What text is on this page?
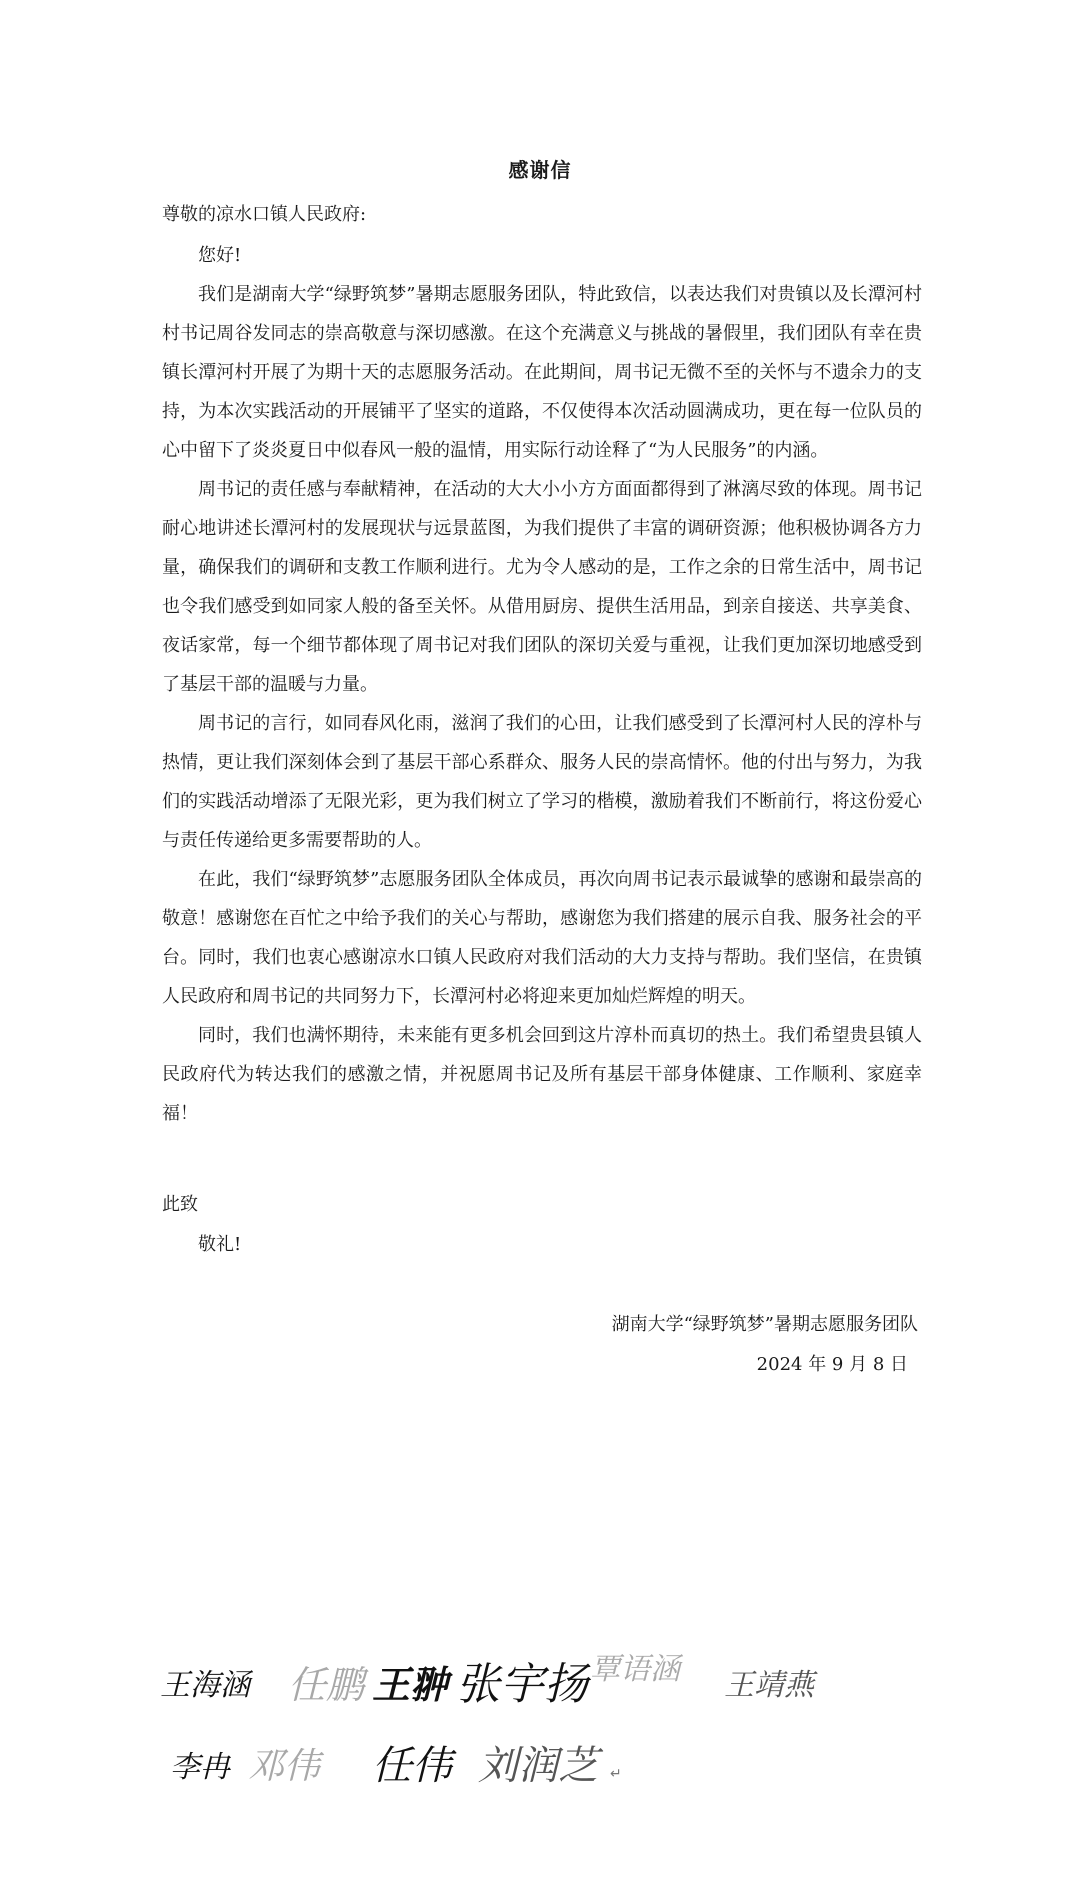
感谢信
尊敬的凉水口镇人民政府:

您好!

我们是湖南大学“绿野筑梦”暑期志愿服务团队，特此致信，以表达我们对贵镇以及长潭河村村书记周谷发同志的崇高敬意与深切感激。在这个充满意义与挑战的暑假里，我们团队有幸在贵镇长潭河村开展了为期十天的志愿服务活动。在此期间，周书记无微不至的关怀与不遗余力的支持，为本次实践活动的开展铺平了坚实的道路，不仅使得本次活动圆满成功，更在每一位队员的心中留下了炎炎夏日中似春风一般的温情，用实际行动诠释了“为人民服务”的内涵。

周书记的责任感与奉献精神，在活动的大大小小方方面面都得到了淋漓尽致的体现。周书记耐心地讲述长潭河村的发展现状与远景蓝图，为我们提供了丰富的调研资源；他积极协调各方力量，确保我们的调研和支教工作顺利进行。尤为令人感动的是，工作之余的日常生活中，周书记也令我们感受到如同家人般的备至关怀。从借用厨房、提供生活用品，到亲自接送、共享美食、夜话家常，每一个细节都体现了周书记对我们团队的深切关爱与重视，让我们更加深切地感受到了基层干部的温暖与力量。

周书记的言行，如同春风化雨，滋润了我们的心田，让我们感受到了长潭河村人民的淳朴与热情，更让我们深刻体会到了基层干部心系群众、服务人民的崇高情怀。他的付出与努力，为我们的实践活动增添了无限光彩，更为我们树立了学习的楷模，激励着我们不断前行，将这份爱心与责任传递给更多需要帮助的人。

在此，我们“绿野筑梦”志愿服务团队全体成员，再次向周书记表示最诚挚的感谢和最崇高的敬意！感谢您在百忙之中给予我们的关心与帮助，感谢您为我们搭建的展示自我、服务社会的平台。同时，我们也衷心感谢凉水口镇人民政府对我们活动的大力支持与帮助。我们坚信，在贵镇人民政府和周书记的共同努力下，长潭河村必将迎来更加灿烂辉煌的明天。

同时，我们也满怀期待，未来能有更多机会回到这片淳朴而真切的热土。我们希望贵县镇人民政府代为转达我们的感激之情，并祝愿周书记及所有基层干部身体健康、工作顺利、家庭幸福！

此致
敬礼!
湖南大学“绿野筑梦”暑期志愿服务团队
2024 年 9 月 8 日
王海涵 任鹏 王翀 张宇扬 覃语涵 王靖燕
李冉 邓伟 任伟 刘润芝 ↵
